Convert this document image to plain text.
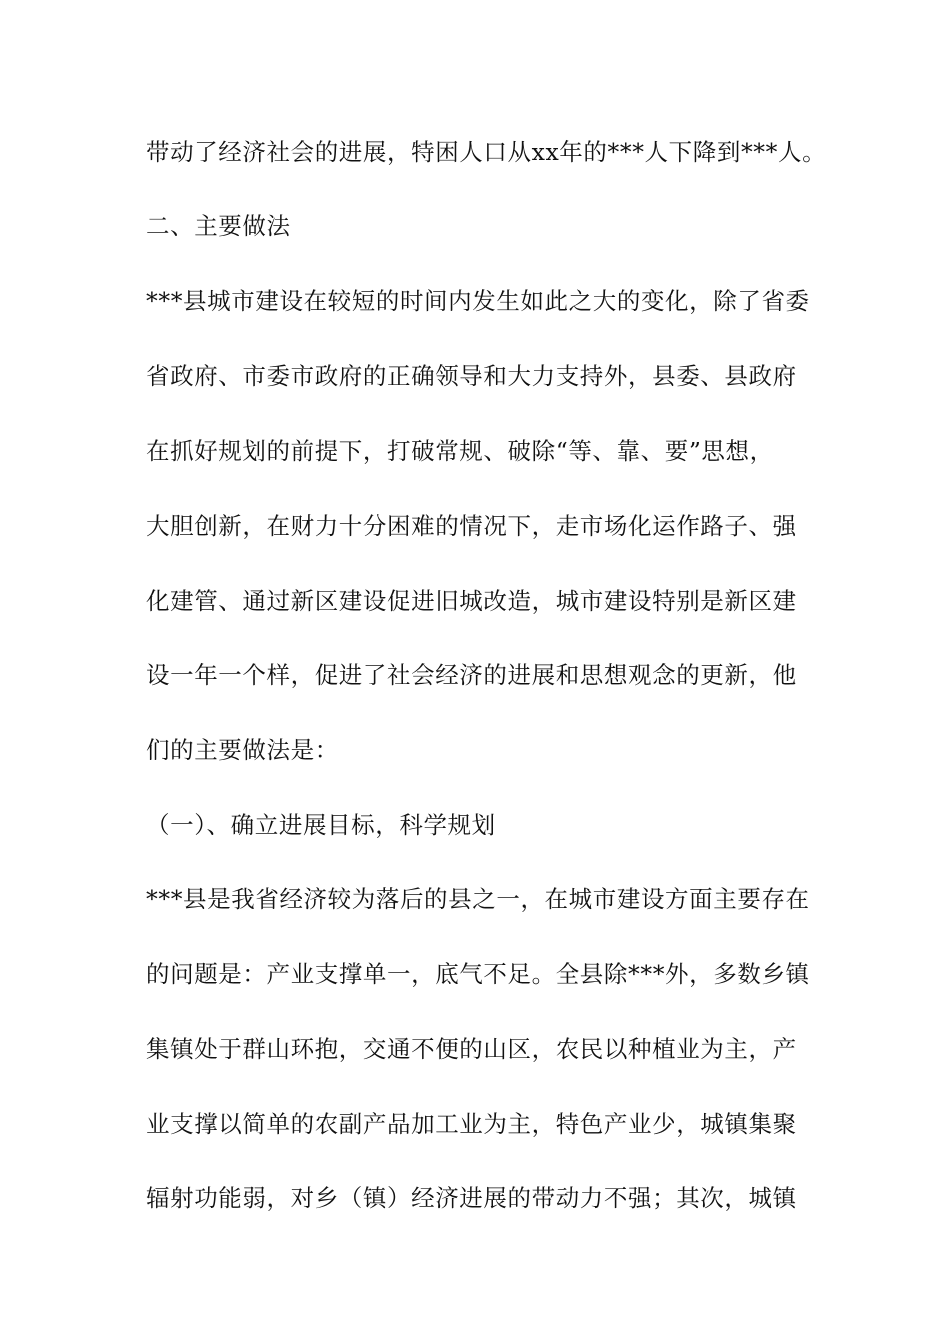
带动了经济社会的进展，特困人口从xx年的***人下降到***人。
二、主要做法
***县城市建设在较短的时间内发生如此之大的变化，除了省委
省政府、市委市政府的正确领导和大力支持外，县委、县政府
在抓好规划的前提下，打破常规、破除“等、靠、要”思想，
大胆创新，在财力十分困难的情况下，走市场化运作路子、强
化建管、通过新区建设促进旧城改造，城市建设特别是新区建
设一年一个样，促进了社会经济的进展和思想观念的更新，他
们的主要做法是：
（一）、确立进展目标，科学规划
***县是我省经济较为落后的县之一，在城市建设方面主要存在
的问题是：产业支撑单一，底气不足。全县除***外，多数乡镇
集镇处于群山环抱，交通不便的山区，农民以种植业为主，产
业支撑以简单的农副产品加工业为主，特色产业少，城镇集聚
辐射功能弱，对乡（镇）经济进展的带动力不强；其次，城镇
